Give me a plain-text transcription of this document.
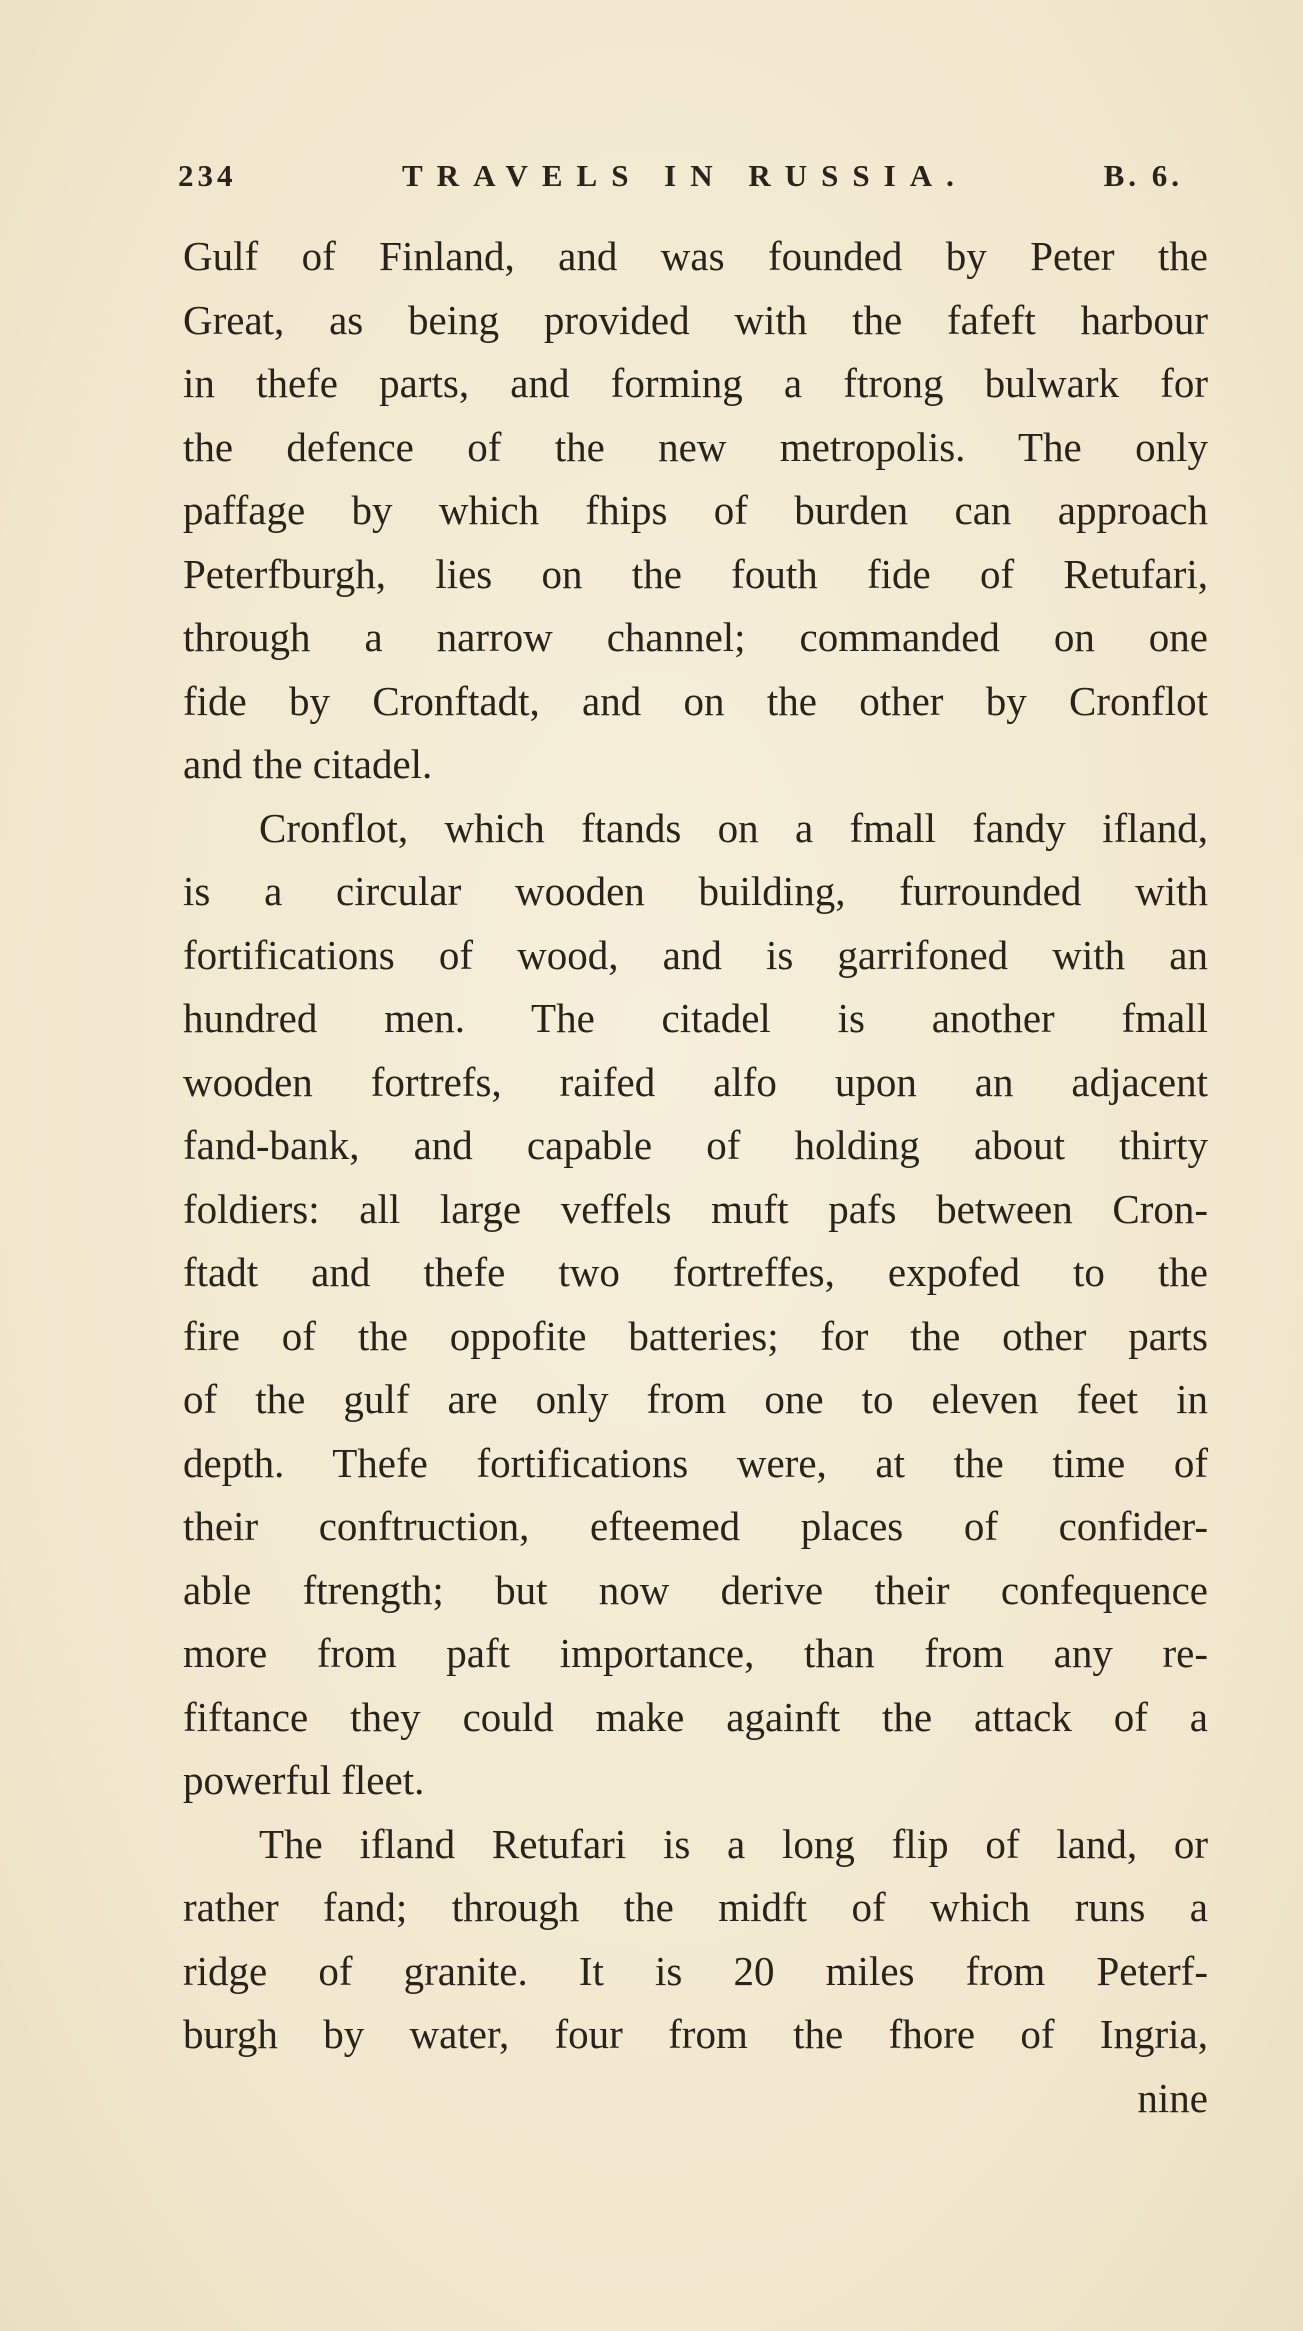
234	TRAVELS IN RUSSIA.	B. 6.
Gulf of Finland, and was founded by Peter the
Great, as being provided with the fafeft harbour
in thefe parts, and forming a ftrong bulwark for
the defence of the new metropolis. The only
paffage by which fhips of burden can approach
Peterfburgh, lies on the fouth fide of Retufari,
through a narrow channel; commanded on one
fide by Cronftadt, and on the other by Cronflot
and the citadel.
Cronflot, which ftands on a fmall fandy ifland,
is a circular wooden building, furrounded with
fortifications of wood, and is garrifoned with an
hundred men. The citadel is another fmall
wooden fortrefs, raifed alfo upon an adjacent
fand-bank, and capable of holding about thirty
foldiers: all large veffels muft pafs between Cron-
ftadt and thefe two fortreffes, expofed to the
fire of the oppofite batteries; for the other parts
of the gulf are only from one to eleven feet in
depth. Thefe fortifications were, at the time of
their conftruction, efteemed places of confider-
able ftrength; but now derive their confequence
more from paft importance, than from any re-
fiftance they could make againft the attack of a
powerful fleet.
The ifland Retufari is a long flip of land, or
rather fand; through the midft of which runs a
ridge of granite. It is 20 miles from Peterf-
burgh by water, four from the fhore of Ingria,
nine
